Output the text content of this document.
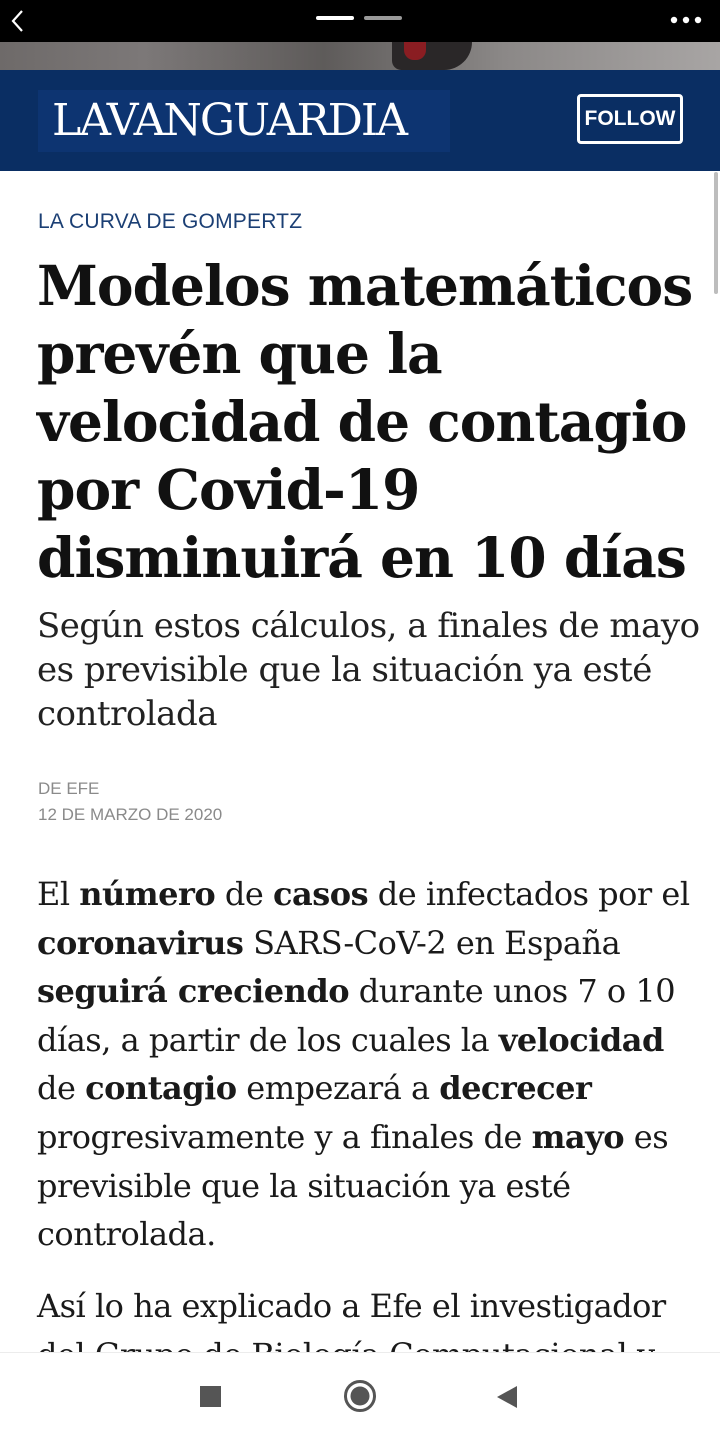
LAVANGUARDIA	FOLLOW
LA CURVA DE GOMPERTZ
Modelos matemáticos prevén que la velocidad de contagio por Covid-19 disminuirá en 10 días

Según estos cálculos, a finales de mayo es previsible que la situación ya esté controlada

DE EFE
12 DE MARZO DE 2020

El número de casos de infectados por el coronavirus SARS-CoV-2 en España seguirá creciendo durante unos 7 o 10 días, a partir de los cuales la velocidad de contagio empezará a decrecer progresivamente y a finales de mayo es previsible que la situación ya esté controlada.

Así lo ha explicado a Efe el investigador
